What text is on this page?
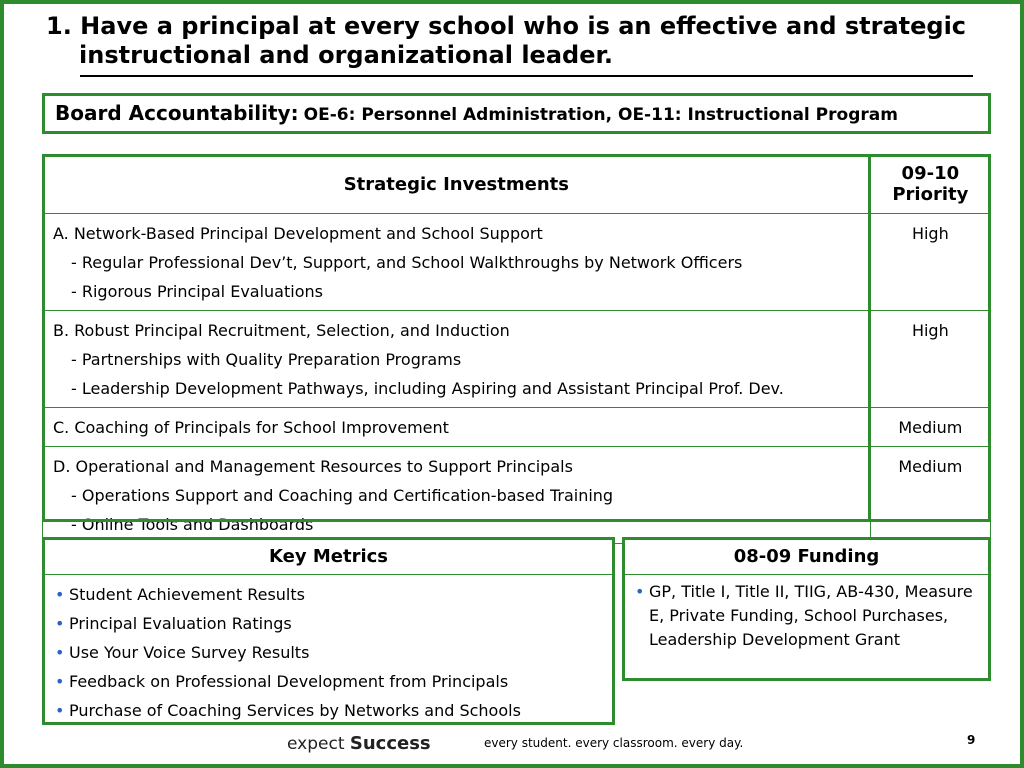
1. Have a principal at every school who is an effective and strategic
instructional and organizational leader.
Board Accountability: OE-6: Personnel Administration, OE-11: Instructional Program
Strategic Investments	09-10
Priority
A. Network-Based Principal Development and School Support
- Regular Professional Dev’t, Support, and School Walkthroughs by Network Officers
- Rigorous Principal Evaluations	High
B. Robust Principal Recruitment, Selection, and Induction
- Partnerships with Quality Preparation Programs
- Leadership Development Pathways, including Aspiring and Assistant Principal Prof. Dev.	High
C. Coaching of Principals for School Improvement	Medium
D. Operational and Management Resources to Support Principals
- Operations Support and Coaching and Certification-based Training
- Online Tools and Dashboards	Medium
Key Metrics
• Student Achievement Results
• Principal Evaluation Ratings
• Use Your Voice Survey Results
• Feedback on Professional Development from Principals
• Purchase of Coaching Services by Networks and Schools
08-09 Funding
• GP, Title I, Title II, TIIG, AB-430, Measure E, Private Funding, School Purchases, Leadership Development Grant
expect Success	every student. every classroom. every day.	9
